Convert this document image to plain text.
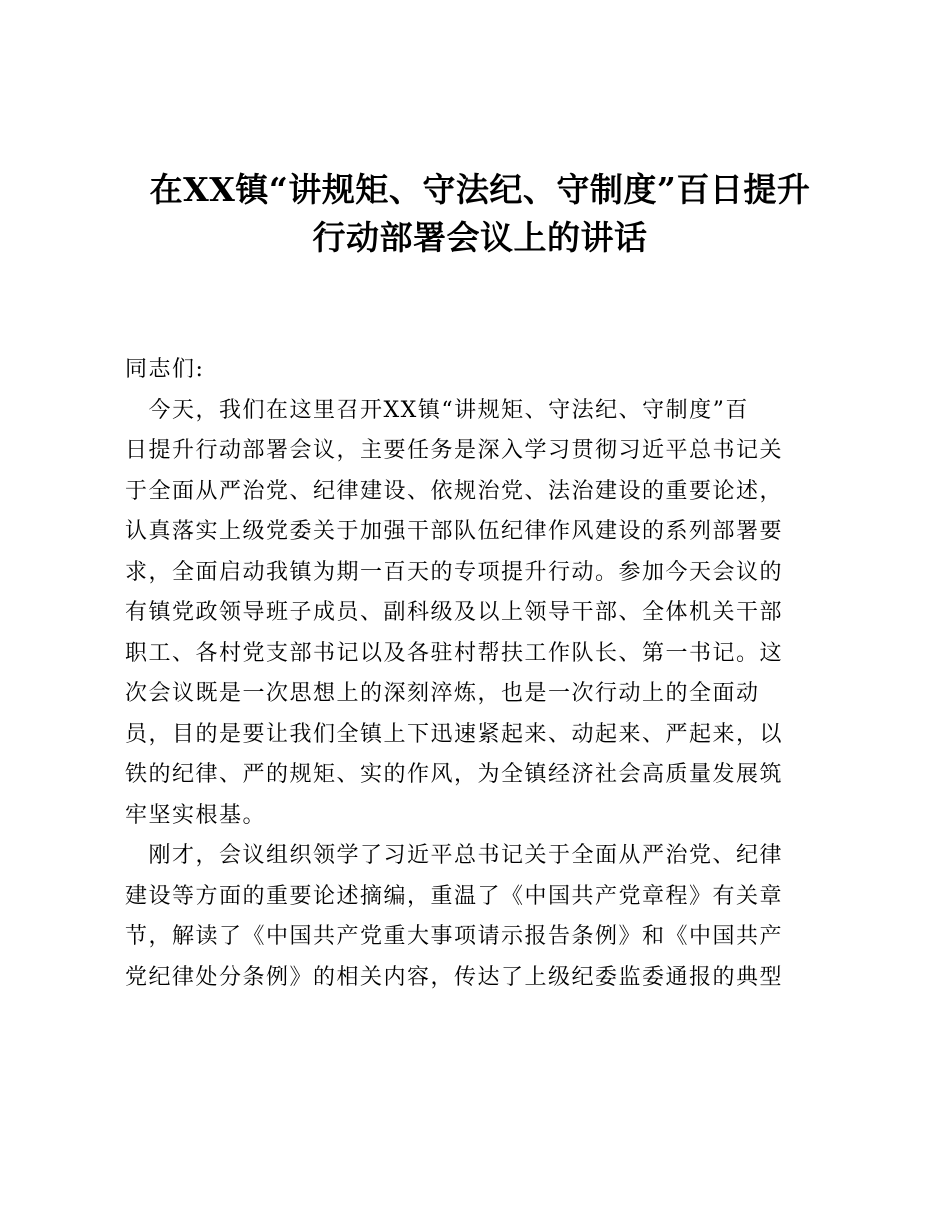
在XX镇“讲规矩、守法纪、守制度”百日提升
行动部署会议上的讲话
同志们:
　今天，我们在这里召开XX镇“讲规矩、守法纪、守制度”百
日提升行动部署会议，主要任务是深入学习贯彻习近平总书记关
于全面从严治党、纪律建设、依规治党、法治建设的重要论述，
认真落实上级党委关于加强干部队伍纪律作风建设的系列部署要
求，全面启动我镇为期一百天的专项提升行动。参加今天会议的
有镇党政领导班子成员、副科级及以上领导干部、全体机关干部
职工、各村党支部书记以及各驻村帮扶工作队长、第一书记。这
次会议既是一次思想上的深刻淬炼，也是一次行动上的全面动
员，目的是要让我们全镇上下迅速紧起来、动起来、严起来，以
铁的纪律、严的规矩、实的作风，为全镇经济社会高质量发展筑
牢坚实根基。
　刚才，会议组织领学了习近平总书记关于全面从严治党、纪律
建设等方面的重要论述摘编，重温了《中国共产党章程》有关章
节，解读了《中国共产党重大事项请示报告条例》和《中国共产
党纪律处分条例》的相关内容，传达了上级纪委监委通报的典型
